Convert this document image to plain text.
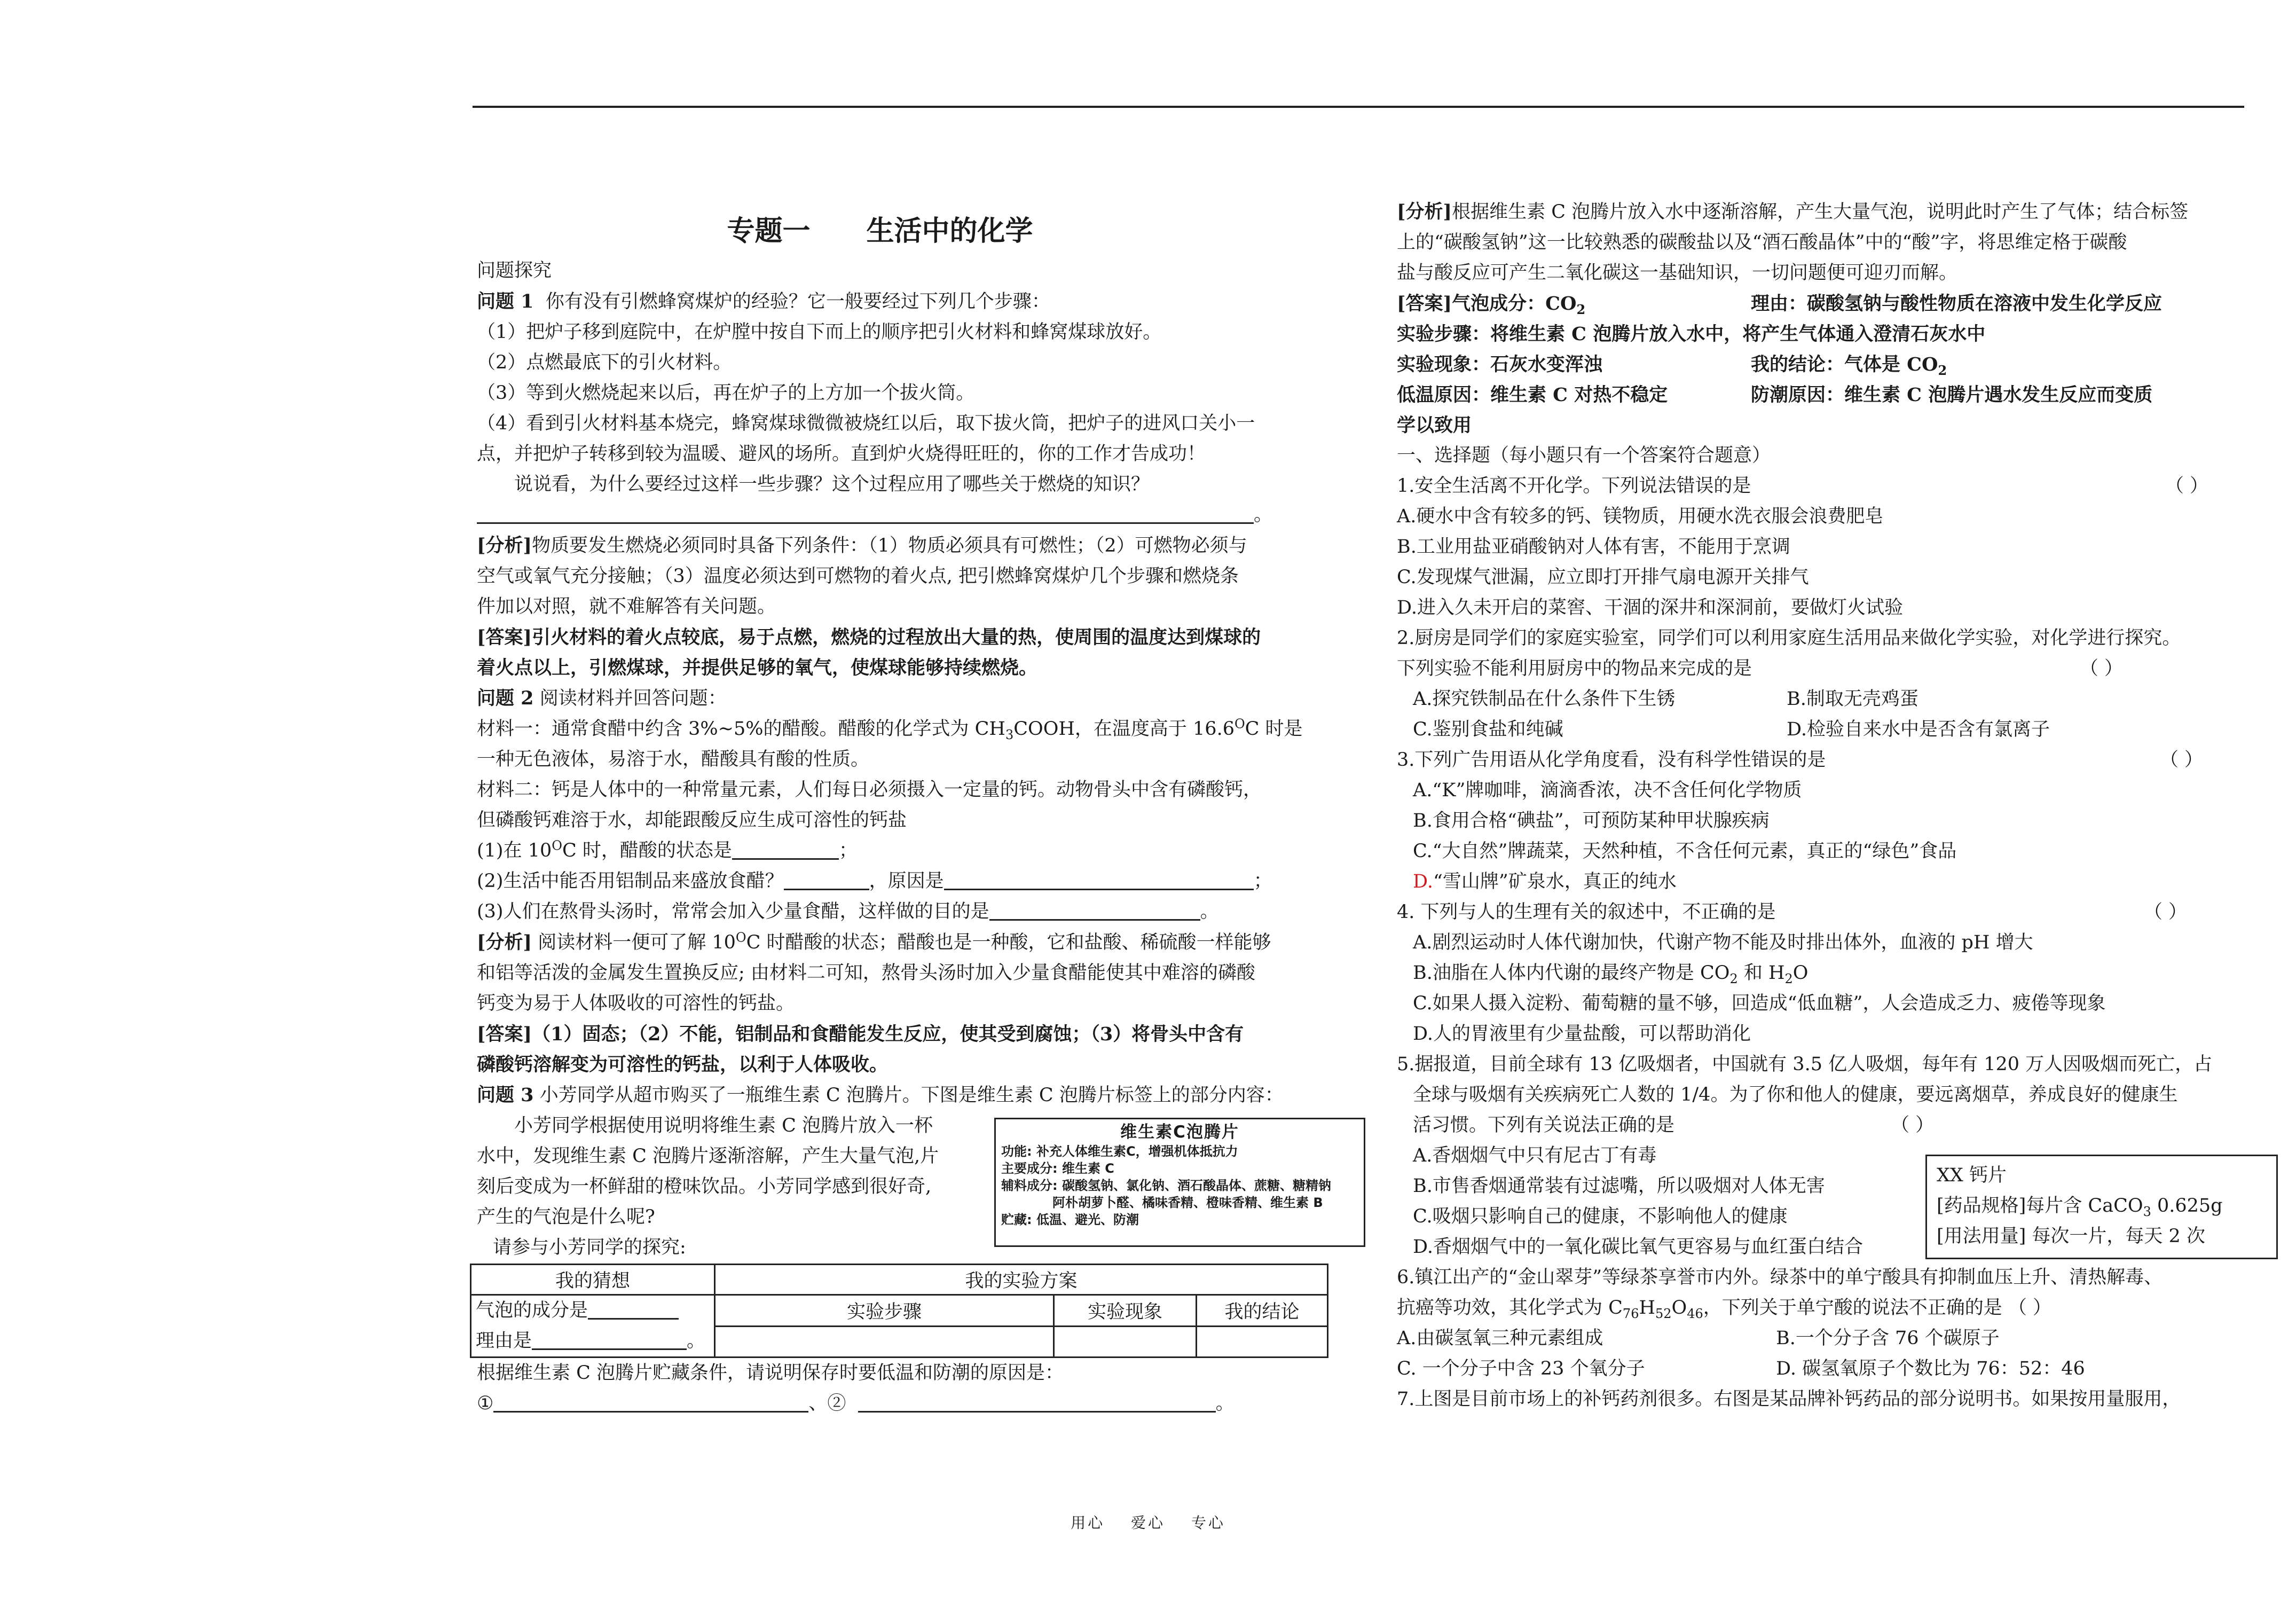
专题一 生活中的化学
问题探究
问题 1 你有没有引燃蜂窝煤炉的经验？它一般要经过下列几个步骤：
（1）把炉子移到庭院中，在炉膛中按自下而上的顺序把引火材料和蜂窝煤球放好。
（2）点燃最底下的引火材料。
（3）等到火燃烧起来以后，再在炉子的上方加一个拔火筒。
（4）看到引火材料基本烧完，蜂窝煤球微微被烧红以后，取下拔火筒，把炉子的进风口关小一
点，并把炉子转移到较为温暖、避风的场所。直到炉火烧得旺旺的，你的工作才告成功！
说说看，为什么要经过这样一些步骤？这个过程应用了哪些关于燃烧的知识？
。
[分析]物质要发生燃烧必须同时具备下列条件：（1）物质必须具有可燃性；（2）可燃物必须与
空气或氧气充分接触；（3）温度必须达到可燃物的着火点, 把引燃蜂窝煤炉几个步骤和燃烧条
件加以对照，就不难解答有关问题。
[答案]引火材料的着火点较底，易于点燃，燃烧的过程放出大量的热，使周围的温度达到煤球的
着火点以上，引燃煤球，并提供足够的氧气，使煤球能够持续燃烧。
问题 2 阅读材料并回答问题：
材料一：通常食醋中约含 3%~5%的醋酸。醋酸的化学式为 $CH_3COOH$，在温度高于 $16.6^OC$ 时是
一种无色液体，易溶于水，醋酸具有酸的性质。
材料二：钙是人体中的一种常量元素，人们每日必须摄入一定量的钙。动物骨头中含有磷酸钙，
但磷酸钙难溶于水，却能跟酸反应生成可溶性的钙盐
(1)在 $10^OC$ 时，醋酸的状态是	；
(2)生活中能否用铝制品来盛放食醋？	，原因是	；
(3)人们在熬骨头汤时，常常会加入少量食醋，这样做的目的是	。
[分析] 阅读材料一便可了解 $10^OC$ 时醋酸的状态；醋酸也是一种酸，它和盐酸、稀硫酸一样能够
和铝等活泼的金属发生置换反应; 由材料二可知，熬骨头汤时加入少量食醋能使其中难溶的磷酸
钙变为易于人体吸收的可溶性的钙盐。
[答案]（1）固态；（2）不能，铝制品和食醋能发生反应，使其受到腐蚀；（3）将骨头中含有
磷酸钙溶解变为可溶性的钙盐，以利于人体吸收。
问题 3 小芳同学从超市购买了一瓶维生素 C 泡腾片。下图是维生素 C 泡腾片标签上的部分内容：
小芳同学根据使用说明将维生素 C 泡腾片放入一杯
水中，发现维生素 C 泡腾片逐渐溶解，产生大量气泡,片
刻后变成为一杯鲜甜的橙味饮品。小芳同学感到很好奇,
产生的气泡是什么呢?
请参与小芳同学的探究:
根据维生素 C 泡腾片贮藏条件，请说明保存时要低温和防潮的原因是：
①	、②	。
维生素C泡腾片
功能: 补充人体维生素C，增强机体抵抗力
主要成分: 维生素 C
辅料成分: 碳酸氢钠、氯化钠、酒石酸晶体、蔗糖、糖精钠
阿朴胡萝卜醛、橘味香精、橙味香精、维生素 B
贮藏: 低温、避光、防潮
我的猜想	我的实验方案		

气泡的成分是
理由是 。	实验步骤	实验现象	我的结论

[分析]根据维生素 C 泡腾片放入水中逐渐溶解，产生大量气泡，说明此时产生了气体；结合标签
上的“碳酸氢钠”这一比较熟悉的碳酸盐以及“酒石酸晶体”中的“酸”字，将思维定格于碳酸
盐与酸反应可产生二氧化碳这一基础知识，一切问题便可迎刃而解。
[答案]气泡成分：$CO_2$	理由：碳酸氢钠与酸性物质在溶液中发生化学反应
实验步骤：将维生素 C 泡腾片放入水中，将产生气体通入澄清石灰水中
实验现象：石灰水变浑浊	我的结论：气体是 $CO_2$
低温原因：维生素 C 对热不稳定	防潮原因：维生素 C 泡腾片遇水发生反应而变质
学以致用
一、选择题（每小题只有一个答案符合题意）
1.安全生活离不开化学。下列说法错误的是	（ ）
A.硬水中含有较多的钙、镁物质，用硬水洗衣服会浪费肥皂
B.工业用盐亚硝酸钠对人体有害，不能用于烹调
C.发现煤气泄漏，应立即打开排气扇电源开关排气
D.进入久未开启的菜窖、干涸的深井和深洞前，要做灯火试验
2.厨房是同学们的家庭实验室，同学们可以利用家庭生活用品来做化学实验，对化学进行探究。
下列实验不能利用厨房中的物品来完成的是	（ ）
A.探究铁制品在什么条件下生锈	B.制取无壳鸡蛋
C.鉴别食盐和纯碱	D.检验自来水中是否含有氯离子
3.下列广告用语从化学角度看，没有科学性错误的是	（ ）
A.“K”牌咖啡，滴滴香浓，决不含任何化学物质
B.食用合格“碘盐”，可预防某种甲状腺疾病
C.“大自然”牌蔬菜，天然种植，不含任何元素，真正的“绿色”食品
D.“雪山牌”矿泉水，真正的纯水
4. 下列与人的生理有关的叙述中，不正确的是	（ ）
A.剧烈运动时人体代谢加快，代谢产物不能及时排出体外，血液的 pH 增大
B.油脂在人体内代谢的最终产物是 $CO_2$ 和 $H_2O$
C.如果人摄入淀粉、葡萄糖的量不够，回造成“低血糖”，人会造成乏力、疲倦等现象
D.人的胃液里有少量盐酸，可以帮助消化
5.据报道，目前全球有 13 亿吸烟者，中国就有 3.5 亿人吸烟，每年有 120 万人因吸烟而死亡，占
全球与吸烟有关疾病死亡人数的 1/4。为了你和他人的健康，要远离烟草，养成良好的健康生
活习惯。下列有关说法正确的是	（ ）
A.香烟烟气中只有尼古丁有毒
B.市售香烟通常装有过滤嘴，所以吸烟对人体无害
C.吸烟只影响自己的健康，不影响他人的健康
D.香烟烟气中的一氧化碳比氧气更容易与血红蛋白结合
6.镇江出产的“金山翠芽”等绿茶享誉市内外。绿茶中的单宁酸具有抑制血压上升、清热解毒、
抗癌等功效，其化学式为 $C_{76}H_{52}O_{46}$，下列关于单宁酸的说法不正确的是 （ ）
A.由碳氢氧三种元素组成	B.一个分子含 76 个碳原子
C. 一个分子中含 23 个氧分子	D. 碳氢氧原子个数比为 76：52：46
7.上图是目前市场上的补钙药剂很多。右图是某品牌补钙药品的部分说明书。如果按用量服用，
XX 钙片
[药品规格]每片含 CaCO$_3$ 0.625g
[用法用量] 每次一片，每天 2 次
用心 爱心 专心
